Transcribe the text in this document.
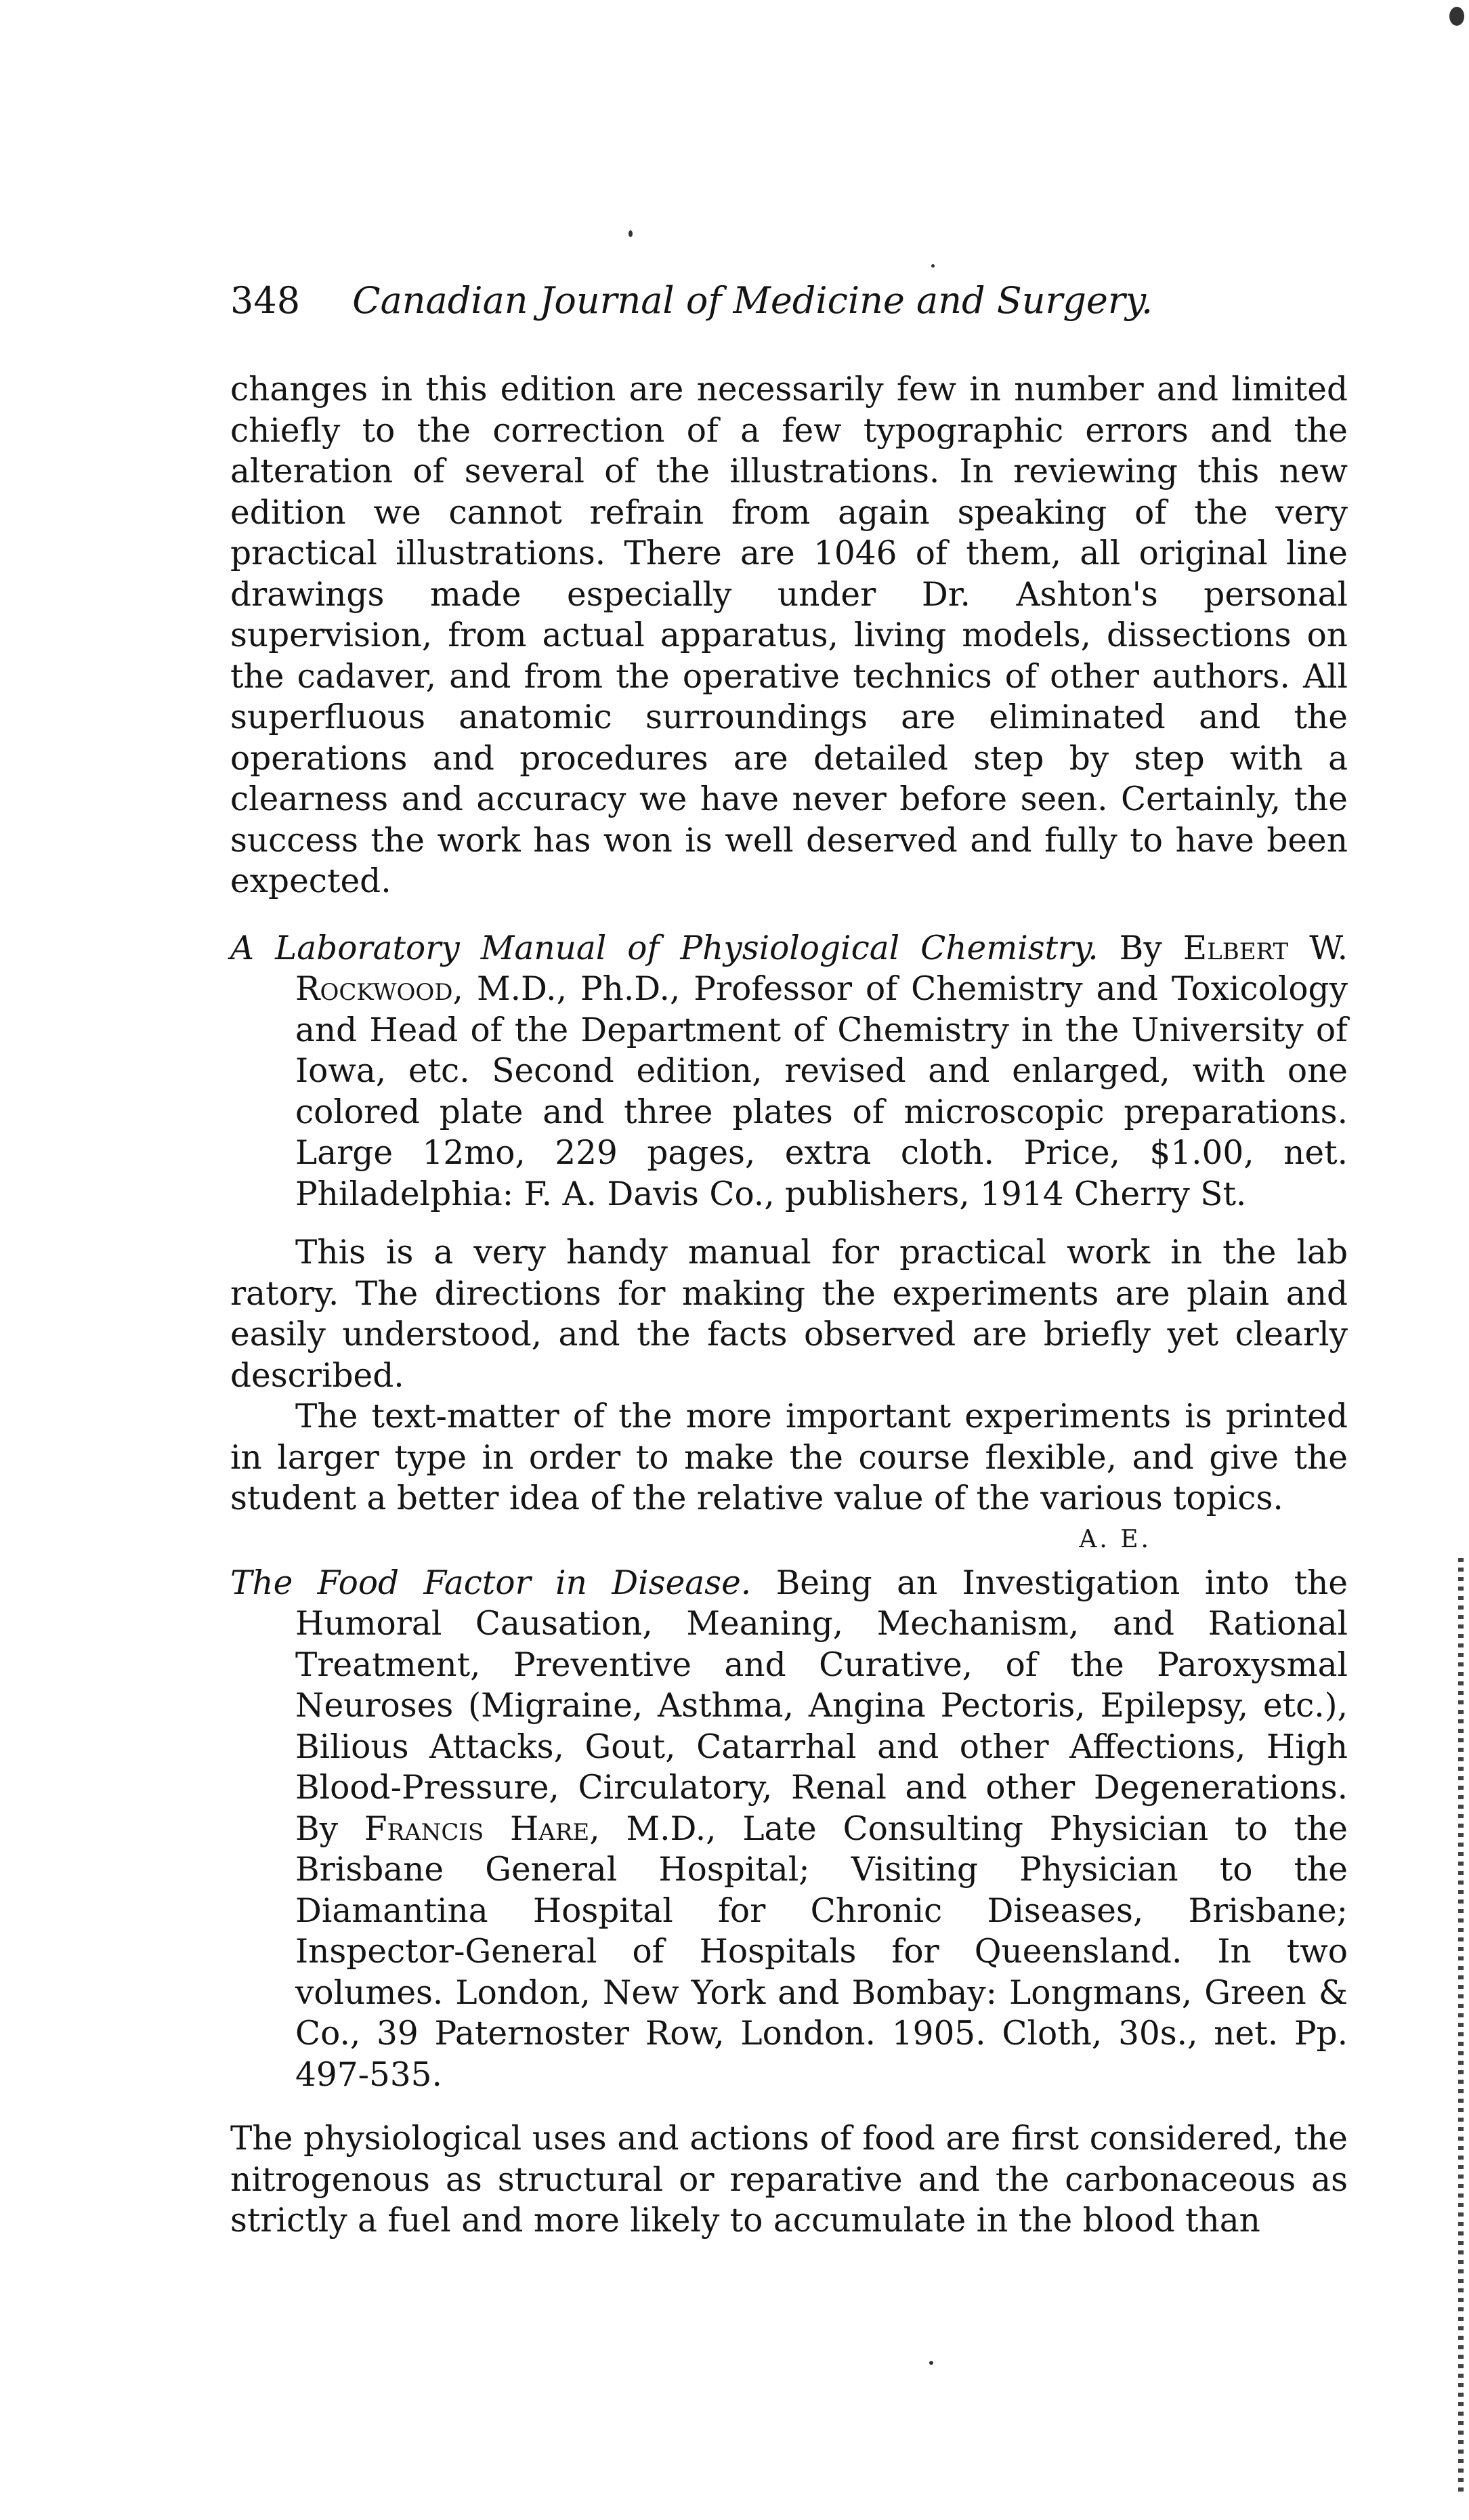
348 Canadian Journal of Medicine and Surgery.

changes in this edition are necessarily few in number and limited chiefly to the correction of a few typographic errors and the alteration of several of the illustrations. In reviewing this new edition we cannot refrain from again speaking of the very practical illustrations. There are 1046 of them, all original line drawings made especially under Dr. Ashton's personal supervision, from actual apparatus, living models, dissections on the cadaver, and from the operative technics of other authors. All superfluous anatomic surroundings are eliminated and the operations and procedures are detailed step by step with a clearness and accuracy we have never before seen. Certainly, the success the work has won is well deserved and fully to have been expected.

A Laboratory Manual of Physiological Chemistry. By Elbert W. Rockwood, M.D., Ph.D., Professor of Chemistry and Toxicology and Head of the Department of Chemistry in the University of Iowa, etc. Second edition, revised and enlarged, with one colored plate and three plates of microscopic preparations. Large 12mo, 229 pages, extra cloth. Price, $1.00, net. Philadelphia: F. A. Davis Co., publishers, 1914 Cherry St.

This is a very handy manual for practical work in the lab ratory. The directions for making the experiments are plain and easily understood, and the facts observed are briefly yet clearly described.

The text-matter of the more important experiments is printed in larger type in order to make the course flexible, and give the student a better idea of the relative value of the various topics.

A. E.

The Food Factor in Disease. Being an Investigation into the Humoral Causation, Meaning, Mechanism, and Rational Treatment, Preventive and Curative, of the Paroxysmal Neuroses (Migraine, Asthma, Angina Pectoris, Epilepsy, etc.), Bilious Attacks, Gout, Catarrhal and other Affections, High Blood-Pressure, Circulatory, Renal and other Degenerations. By Francis Hare, M.D., Late Consulting Physician to the Brisbane General Hospital; Visiting Physician to the Diamantina Hospital for Chronic Diseases, Brisbane; Inspector-General of Hospitals for Queensland. In two volumes. London, New York and Bombay: Longmans, Green & Co., 39 Paternoster Row, London. 1905. Cloth, 30s., net. Pp. 497-535.

The physiological uses and actions of food are first considered, the nitrogenous as structural or reparative and the carbonaceous as strictly a fuel and more likely to accumulate in the blood than
